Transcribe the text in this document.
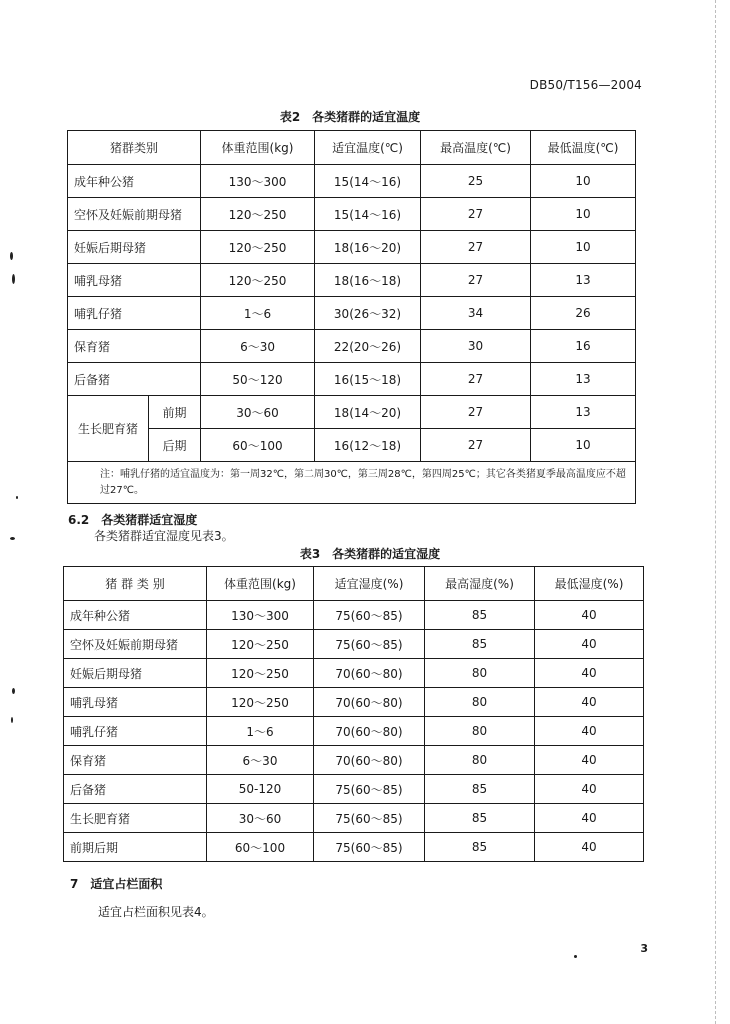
DB50/T156—2004
表2　各类猪群的适宜温度
猪群类别		体重范围(kg)	适宜温度(℃)	最高温度(℃)	最低温度(℃)
成年种公猪		130～300	15(14～16)	25	10
空怀及妊娠前期母猪		120～250	15(14～16)	27	10
妊娠后期母猪		120～250	18(16～20)	27	10
哺乳母猪		120～250	18(16～18)	27	13
哺乳仔猪		1～6	30(26～32)	34	26
保育猪		6～30	22(20～26)	30	16
后备猪		50～120	16(15～18)	27	13
生长肥育猪	前期	30～60	18(14～20)	27	13
	后期	60～100	16(12～18)	27	10
注：哺乳仔猪的适宜温度为：第一周32℃，第二周30℃，第三周28℃，第四周25℃；其它各类猪夏季最高温度应不超过27℃。					
6.2　各类猪群适宜湿度
各类猪群适宜湿度见表3。
表3　各类猪群的适宜湿度
猪 群 类 别	体重范围(kg)	适宜湿度(%)	最高湿度(%)	最低湿度(%)
成年种公猪	130～300	75(60～85)	85	40
空怀及妊娠前期母猪	120～250	75(60～85)	85	40
妊娠后期母猪	120～250	70(60～80)	80	40
哺乳母猪	120～250	70(60～80)	80	40
哺乳仔猪	1～6	70(60～80)	80	40
保育猪	6～30	70(60～80)	80	40
后备猪	50-120	75(60～85)	85	40
生长肥育猪	30～60	75(60～85)	85	40
前期后期	60～100	75(60～85)	85	40
7　适宜占栏面积
适宜占栏面积见表4。
3
